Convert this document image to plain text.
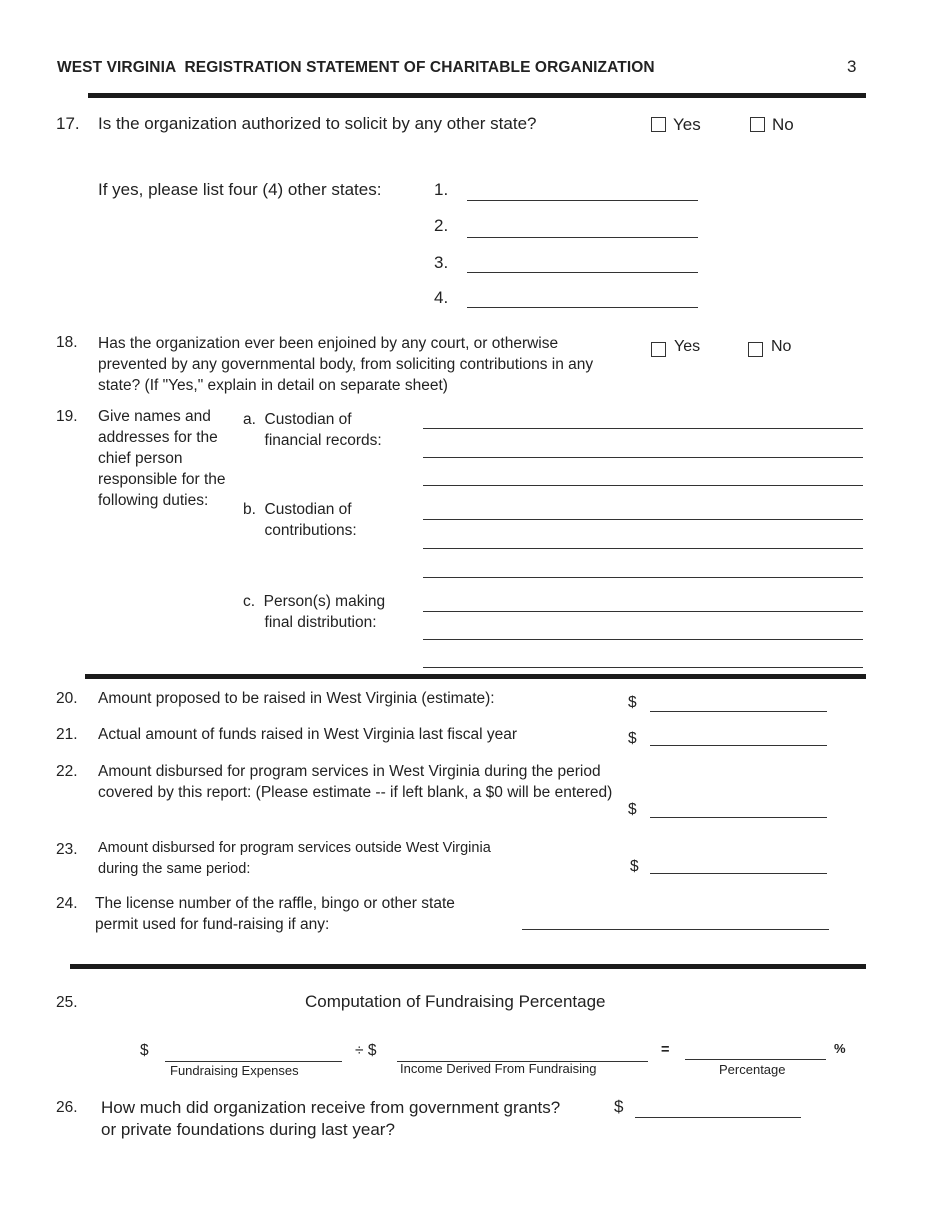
WEST VIRGINIA  REGISTRATION STATEMENT OF CHARITABLE ORGANIZATION	3
17. Is the organization authorized to solicit by any other state?	Yes	No
If yes, please list four (4) other states:	1.
2.
3.
4.
18. Has the organization ever been enjoined by any court, or otherwise prevented by any governmental body, from soliciting contributions in any state? (If "Yes," explain in detail on separate sheet)
Yes	No
19. Give names and addresses for the chief person responsible for the following duties:
a.  Custodian of
financial records:
b.  Custodian of
contributions:
c.  Person(s) making
final distribution:
20. Amount proposed to be raised in West Virginia (estimate):	$
21. Actual amount of funds raised in West Virginia last fiscal year	$
22. Amount disbursed for program services in West Virginia during the period covered by this report: (Please estimate -- if left blank, a $0 will be entered)
$
23. Amount disbursed for program services outside West Virginia
during the same period:	$
24. The license number of the raffle, bingo or other state
permit used for fund-raising if any:
25.	Computation of Fundraising Percentage
$
Fundraising Expenses
÷ $
Income Derived From Fundraising
=
Percentage
%
26. How much did organization receive from government grants?
or private foundations during last year?
$
